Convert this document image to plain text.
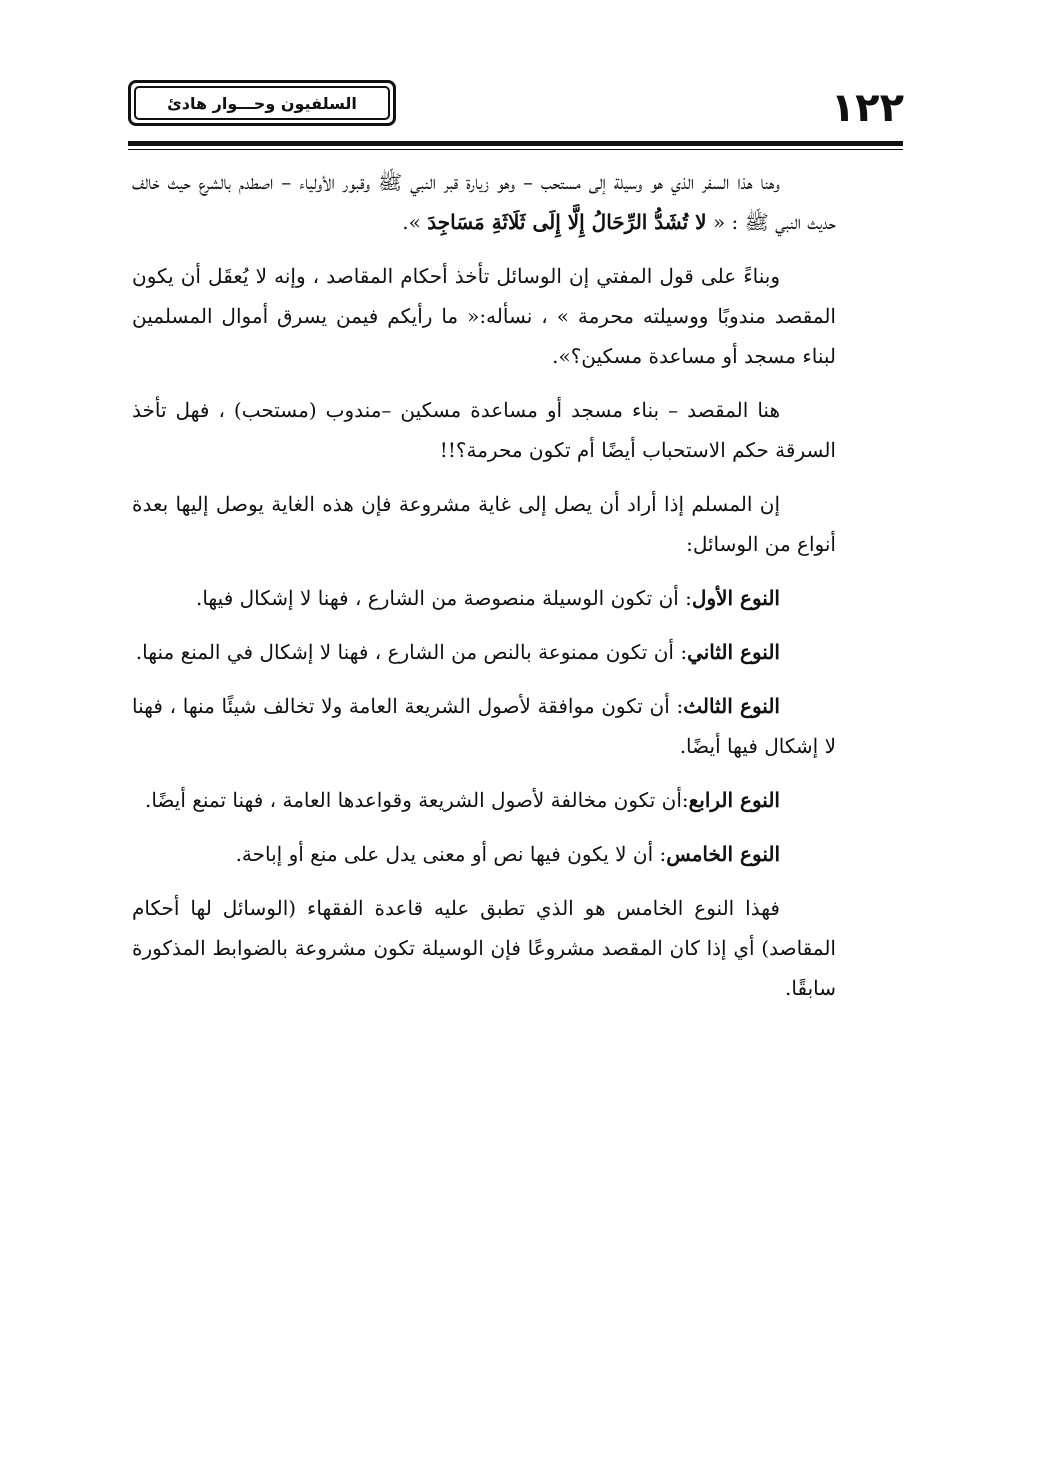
١٢٢
السلفيون وحـــوار هادئ

وهنا هذا السفر الذي هو وسيلة إلى مستحب – وهو زيارة قبر النبي ﷺ وقبور الأولياء – اصطدم بالشرع حيث خالف حديث النبي ﷺ : « لا تُشَدُّ الرِّحَالُ إِلَّا إِلَى ثَلَاثَةِ مَسَاجِدَ ».

وبناءً على قول المفتي إن الوسائل تأخذ أحكام المقاصد ، وإنه لا يُعقَل أن يكون المقصد مندوبًا ووسيلته محرمة » ، نسأله:« ما رأيكم فيمن يسرق أموال المسلمين لبناء مسجد أو مساعدة مسكين؟».

هنا المقصد – بناء مسجد أو مساعدة مسكين –مندوب (مستحب) ، فهل تأخذ السرقة حكم الاستحباب أيضًا أم تكون محرمة؟!!

إن المسلم إذا أراد أن يصل إلى غاية مشروعة فإن هذه الغاية يوصل إليها بعدة أنواع من الوسائل:

النوع الأول: أن تكون الوسيلة منصوصة من الشارع ، فهنا لا إشكال فيها.

النوع الثاني: أن تكون ممنوعة بالنص من الشارع ، فهنا لا إشكال في المنع منها.

النوع الثالث: أن تكون موافقة لأصول الشريعة العامة ولا تخالف شيئًا منها ، فهنا لا إشكال فيها أيضًا.

النوع الرابع:أن تكون مخالفة لأصول الشريعة وقواعدها العامة ، فهنا تمنع أيضًا.

النوع الخامس: أن لا يكون فيها نص أو معنى يدل على منع أو إباحة.

فهذا النوع الخامس هو الذي تطبق عليه قاعدة الفقهاء (الوسائل لها أحكام المقاصد) أي إذا كان المقصد مشروعًا فإن الوسيلة تكون مشروعة بالضوابط المذكورة سابقًا.
